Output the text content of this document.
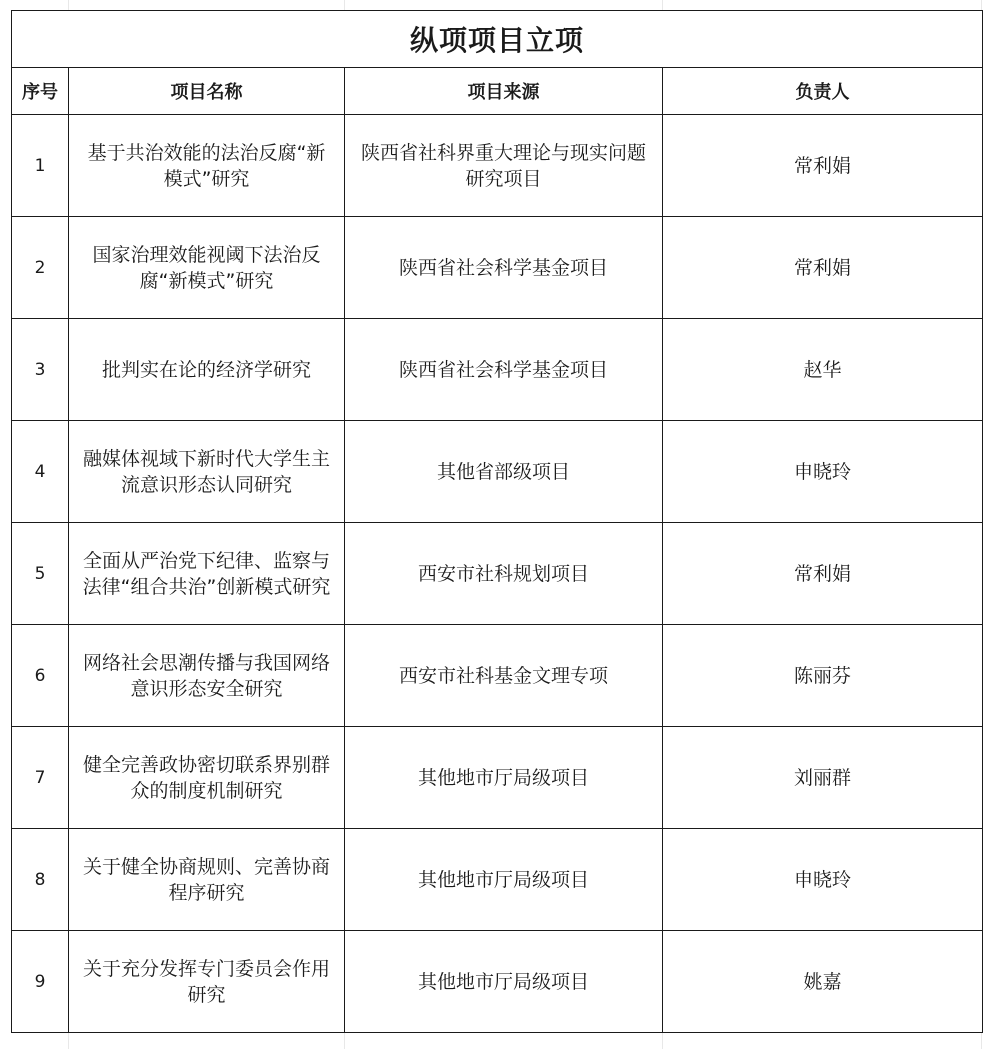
纵项项目立项			
序号	项目名称	项目来源	负责人
1	基于共治效能的法治反腐“新模式”研究	陕西省社科界重大理论与现实问题研究项目	常利娟
2	国家治理效能视阈下法治反腐“新模式”研究	陕西省社会科学基金项目	常利娟
3	批判实在论的经济学研究	陕西省社会科学基金项目	赵华
4	融媒体视域下新时代大学生主流意识形态认同研究	其他省部级项目	申晓玲
5	全面从严治党下纪律、监察与法律“组合共治”创新模式研究	西安市社科规划项目	常利娟
6	网络社会思潮传播与我国网络意识形态安全研究	西安市社科基金文理专项	陈丽芬
7	健全完善政协密切联系界别群众的制度机制研究	其他地市厅局级项目	刘丽群
8	关于健全协商规则、完善协商程序研究	其他地市厅局级项目	申晓玲
9	关于充分发挥专门委员会作用研究	其他地市厅局级项目	姚嘉
